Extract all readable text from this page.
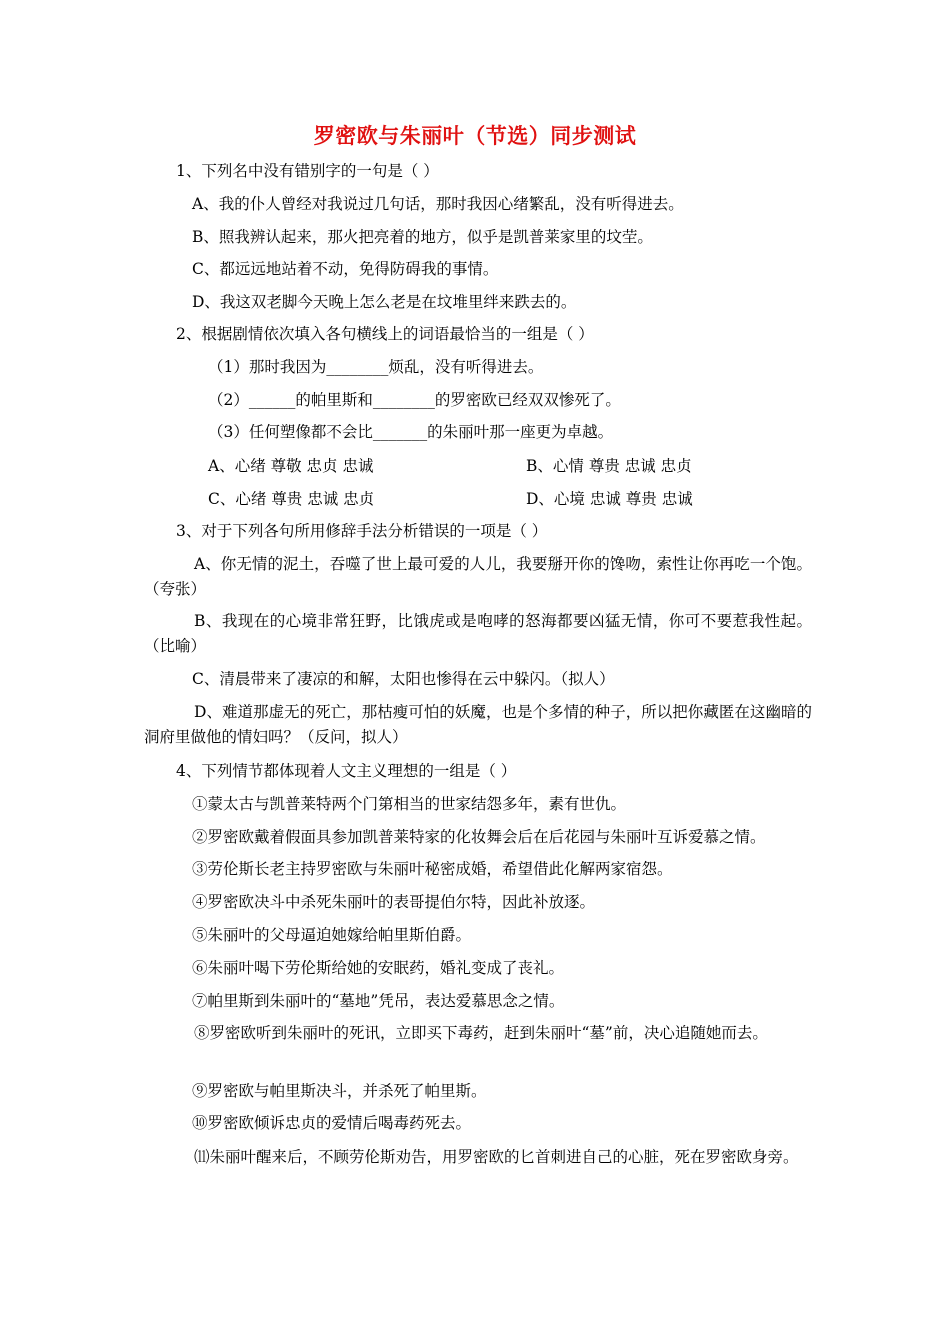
罗密欧与朱丽叶（节选）同步测试
1、下列名中没有错别字的一句是（ ）
A、我的仆人曾经对我说过几句话，那时我因心绪繁乱，没有听得进去。
B、照我辨认起来，那火把亮着的地方，似乎是凯普莱家里的坟茔。
C、都远远地站着不动，免得防碍我的事情。
D、我这双老脚今天晚上怎么老是在坟堆里绊来跌去的。
2、根据剧情依次填入各句横线上的词语最恰当的一组是（ ）
（1）那时我因为________烦乱，没有听得进去。
（2）______的帕里斯和________的罗密欧已经双双惨死了。
（3）任何塑像都不会比_______的朱丽叶那一座更为卓越。
A、心绪 尊敬 忠贞 忠诚	B、心情 尊贵 忠诚 忠贞
C、心绪 尊贵 忠诚 忠贞	D、心境 忠诚 尊贵 忠诚
3、对于下列各句所用修辞手法分析错误的一项是（ ）
A、你无情的泥土，吞噬了世上最可爱的人儿，我要掰开你的馋吻，索性让你再吃一个饱。（夸张）
B、我现在的心境非常狂野，比饿虎或是咆哮的怒海都要凶猛无情，你可不要惹我性起。（比喻）
C、清晨带来了凄凉的和解，太阳也惨得在云中躲闪。（拟人）
D、难道那虚无的死亡，那枯瘦可怕的妖魔，也是个多情的种子，所以把你藏匿在这幽暗的洞府里做他的情妇吗？（反问，拟人）
4、下列情节都体现着人文主义理想的一组是（ ）
①蒙太古与凯普莱特两个门第相当的世家结怨多年，素有世仇。
②罗密欧戴着假面具参加凯普莱特家的化妆舞会后在后花园与朱丽叶互诉爱慕之情。
③劳伦斯长老主持罗密欧与朱丽叶秘密成婚，希望借此化解两家宿怨。
④罗密欧决斗中杀死朱丽叶的表哥提伯尔特，因此补放逐。
⑤朱丽叶的父母逼迫她嫁给帕里斯伯爵。
⑥朱丽叶喝下劳伦斯给她的安眠药，婚礼变成了丧礼。
⑦帕里斯到朱丽叶的“墓地”凭吊，表达爱慕思念之情。
⑧罗密欧听到朱丽叶的死讯，立即买下毒药，赶到朱丽叶“墓”前，决心追随她而去。
⑨罗密欧与帕里斯决斗，并杀死了帕里斯。
⑩罗密欧倾诉忠贞的爱情后喝毒药死去。
⑾朱丽叶醒来后，不顾劳伦斯劝告，用罗密欧的匕首刺进自己的心脏，死在罗密欧身旁。
